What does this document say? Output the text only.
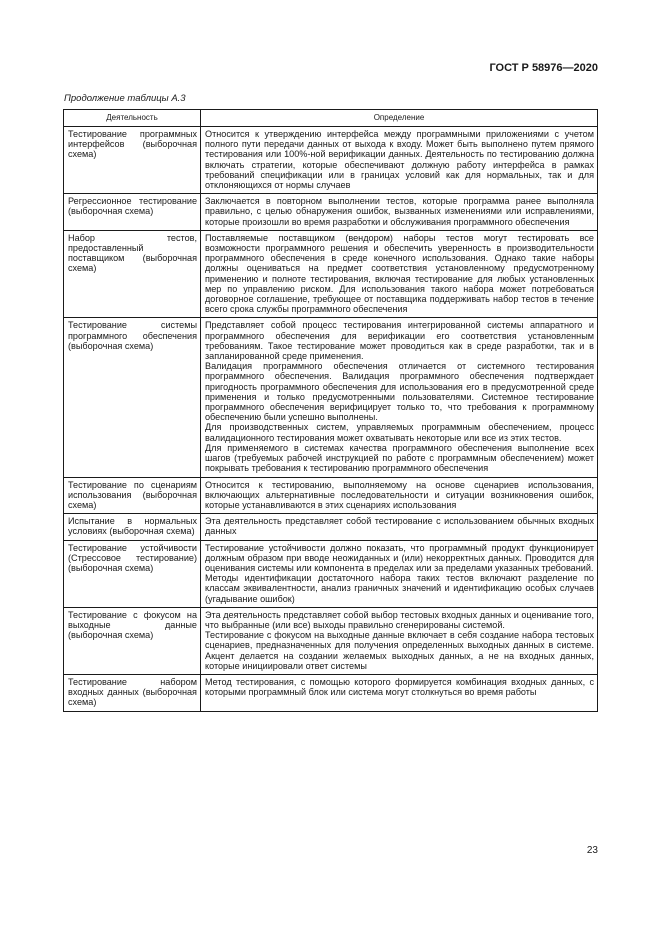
ГОСТ Р 58976—2020
Продолжение таблицы А.3
Деятельность	Определение
Тестирование программных интерфейсов (выборочная схема)	Относится к утверждению интерфейса между программными приложениями с учетом полного пути передачи данных от выхода к входу. Может быть выполнено путем прямого тестирования или 100%-ной верификации данных. Деятельность по тестированию должна включать стратегии, которые обеспечивают должную работу интерфейса в рамках требований спецификации или в границах условий как для нормальных, так и для отклоняющихся от нормы случаев

Регрессионное тестирование (выборочная схема)	Заключается в повторном выполнении тестов, которые программа ранее выполняла правильно, с целью обнаружения ошибок, вызванных изменениями или исправлениями, которые произошли во время разработки и обслуживания программного обеспечения

Набор тестов, предоставленный поставщиком (выборочная схема)	Поставляемые поставщиком (вендором) наборы тестов могут тестировать все возможности программного решения и обеспечить уверенность в производительности программного обеспечения в среде конечного использования. Однако такие наборы должны оцениваться на предмет соответствия установленному предусмотренному применению и полноте тестирования, включая тестирование для любых установленных мер по управлению риском. Для использования такого набора может потребоваться договорное соглашение, требующее от поставщика поддерживать набор тестов в течение всего срока службы программного обеспечения

Тестирование системы программного обеспечения (выборочная схема)	Представляет собой процесс тестирования интегрированной системы аппаратного и программного обеспечения для верификации его соответствия установленным требованиям. Такое тестирование может проводиться как в среде разработки, так и в запланированной среде применения.
Валидация программного обеспечения отличается от системного тестирования программного обеспечения. Валидация программного обеспечения подтверждает пригодность программного обеспечения для использования его в предусмотренной среде применения и только предусмотренными пользователями. Системное тестирование программного обеспечения верифицирует только то, что требования к программному обеспечению были успешно выполнены.
Для производственных систем, управляемых программным обеспечением, процесс валидационного тестирования может охватывать некоторые или все из этих тестов.
Для применяемого в системах качества программного обеспечения выполнение всех шагов (требуемых рабочей инструкцией по работе с программным обеспечением) может покрывать требования к тестированию программного обеспечения

Тестирование по сценариям использования (выборочная схема)	Относится к тестированию, выполняемому на основе сценариев использования, включающих альтернативные последовательности и ситуации возникновения ошибок, которые устанавливаются в этих сценариях использования

Испытание в нормальных условиях (выборочная схема)	Эта деятельность представляет собой тестирование с использованием обычных входных данных

Тестирование устойчивости (Стрессовое тестирование) (выборочная схема)	Тестирование устойчивости должно показать, что программный продукт функционирует должным образом при вводе неожиданных и (или) некорректных данных. Проводится для оценивания системы или компонента в пределах или за пределами указанных требований.
Методы идентификации достаточного набора таких тестов включают разделение по классам эквивалентности, анализ граничных значений и идентификацию особых случаев (угадывание ошибок)

Тестирование с фокусом на выходные данные (выборочная схема)	Эта деятельность представляет собой выбор тестовых входных данных и оценивание того, что выбранные (или все) выходы правильно сгенерированы системой.
Тестирование с фокусом на выходные данные включает в себя создание набора тестовых сценариев, предназначенных для получения определенных выходных данных в системе. Акцент делается на создании желаемых выходных данных, а не на входных данных, которые инициировали ответ системы

Тестирование набором входных данных (выборочная схема)	Метод тестирования, с помощью которого формируется комбинация входных данных, с которыми программный блок или система могут столкнуться во время работы
23
